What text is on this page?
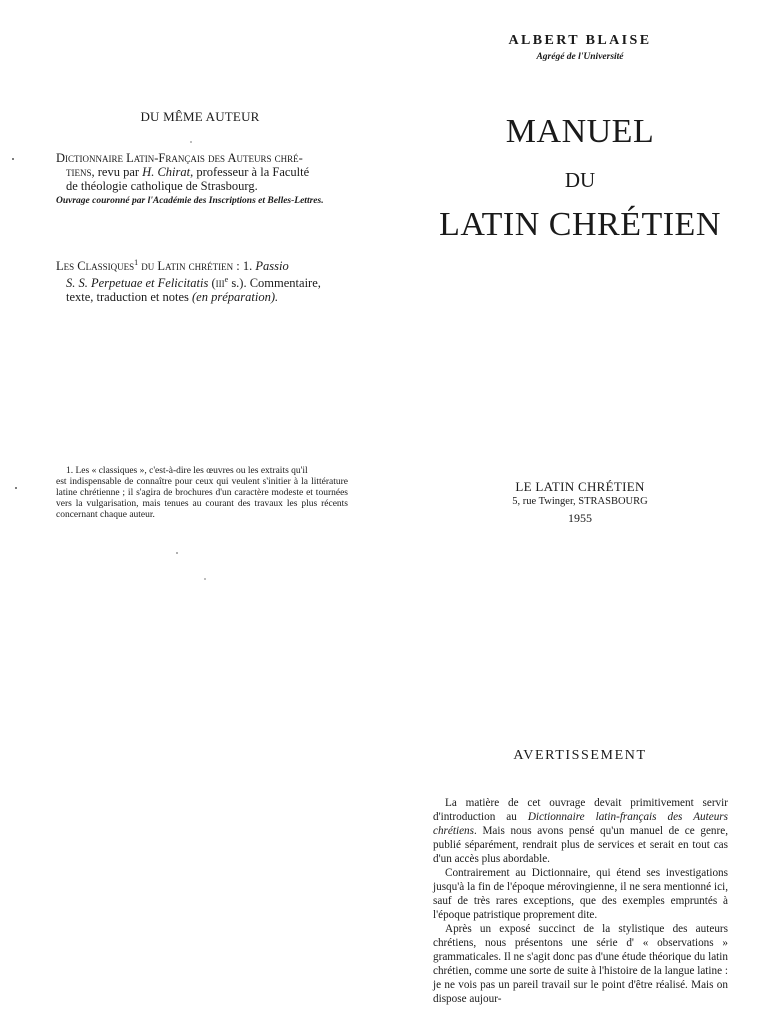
DU MÊME AUTEUR
Dictionnaire Latin-Français des Auteurs chré-
tiens, revu par H. Chirat, professeur à la Faculté
de théologie catholique de Strasbourg.
Ouvrage couronné par l'Académie des Inscriptions et Belles-Lettres.
Les Classiques$^1$ du Latin chrétien : 1. Passio
S. S. Perpetuae et Felicitatis (iii$^e$ s.). Commentaire,
texte, traduction et notes (en préparation).
1. Les « classiques », c'est-à-dire les œuvres ou les extraits qu'il
est indispensable de connaître pour ceux qui veulent s'initier à la littérature latine chrétienne ; il s'agira de brochures d'un caractère modeste et tournées vers la vulgarisation, mais tenues au courant des travaux les plus récents concernant chaque auteur.
ALBERT BLAISE
Agrégé de l'Université
MANUEL
DU
LATIN CHRÉTIEN
LE LATIN CHRÉTIEN
5, rue Twinger, STRASBOURG
1955
AVERTISSEMENT

La matière de cet ouvrage devait primitivement servir d'introduction au Dictionnaire latin-français des Auteurs chrétiens. Mais nous avons pensé qu'un manuel de ce genre, publié séparément, rendrait plus de services et serait en tout cas d'un accès plus abordable.

Contrairement au Dictionnaire, qui étend ses investigations jusqu'à la fin de l'époque mérovingienne, il ne sera mentionné ici, sauf de très rares exceptions, que des exemples empruntés à l'époque patristique proprement dite.

Après un exposé succinct de la stylistique des auteurs chrétiens, nous présentons une série d' « observations » grammaticales. Il ne s'agit donc pas d'une étude théorique du latin chrétien, comme une sorte de suite à l'histoire de la langue latine : je ne vois pas un pareil travail sur le point d'être réalisé. Mais on dispose aujour-
